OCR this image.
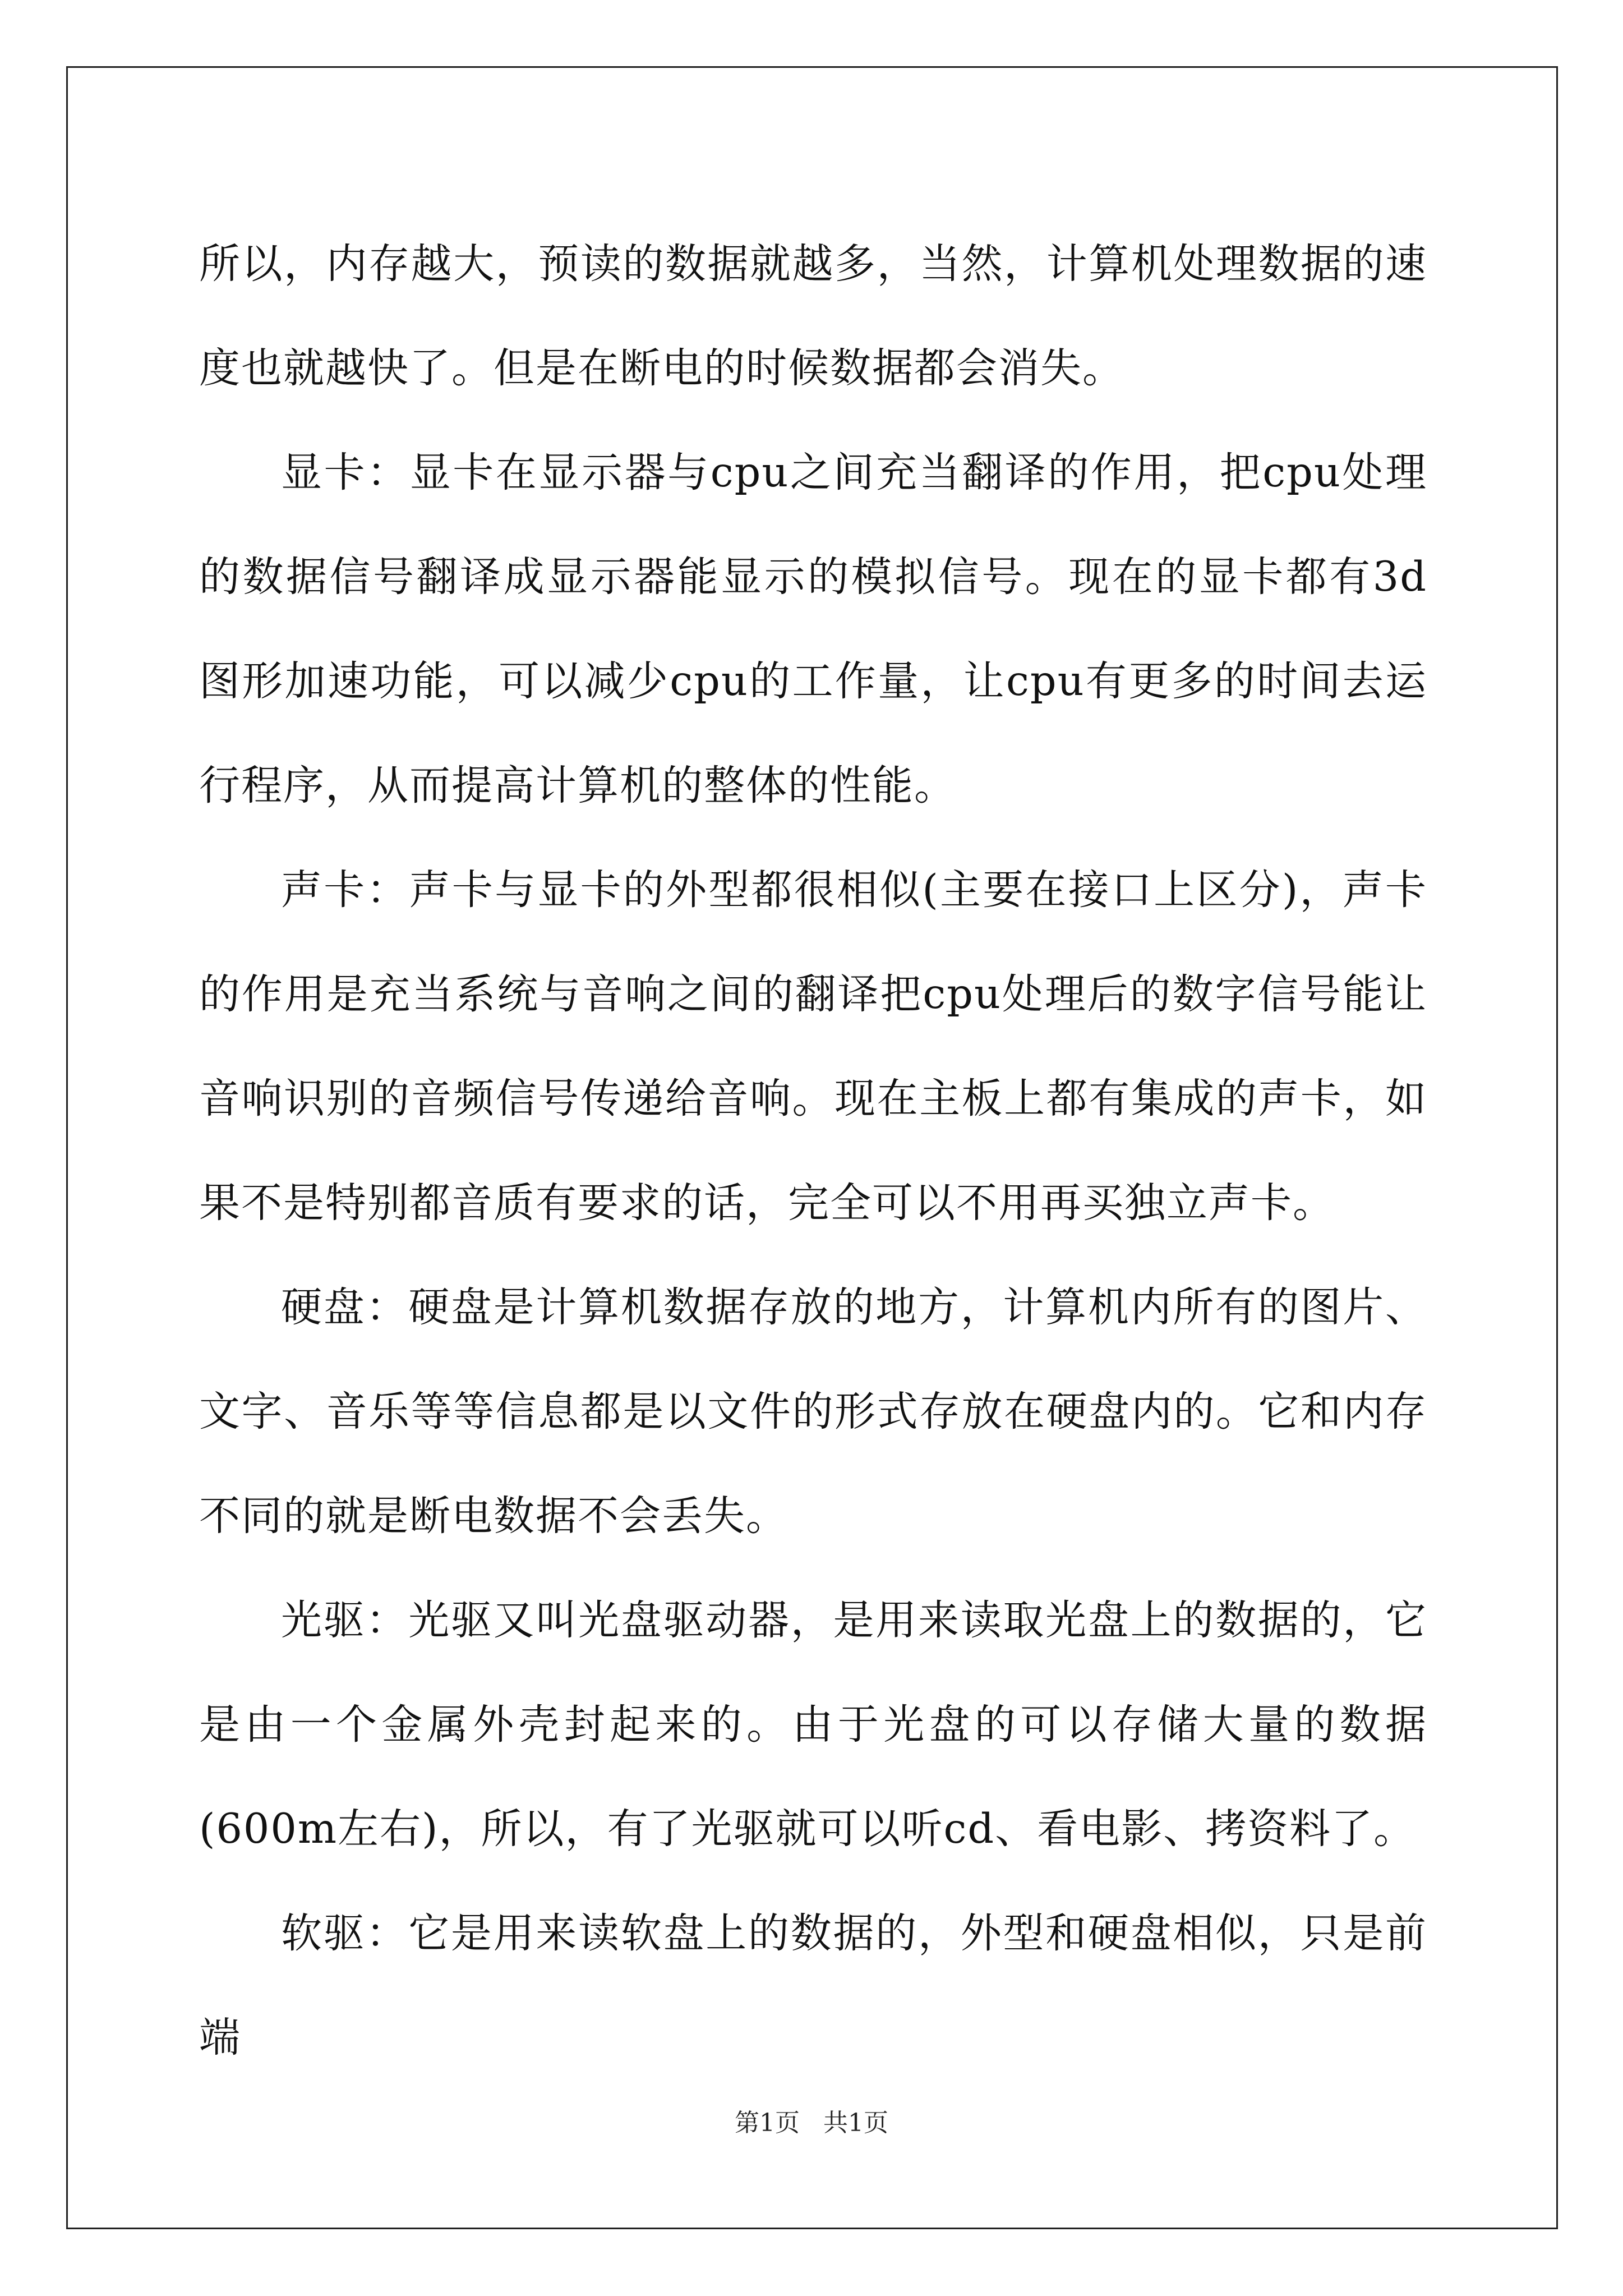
所以，内存越大，预读的数据就越多，当然，计算机处理数据的速度也就越快了。但是在断电的时候数据都会消失。

显卡：显卡在显示器与cpu之间充当翻译的作用，把cpu处理的数据信号翻译成显示器能显示的模拟信号。现在的显卡都有3d图形加速功能，可以减少cpu的工作量，让cpu有更多的时间去运行程序，从而提高计算机的整体的性能。

声卡：声卡与显卡的外型都很相似(主要在接口上区分)，声卡的作用是充当系统与音响之间的翻译把cpu处理后的数字信号能让音响识别的音频信号传递给音响。现在主板上都有集成的声卡，如果不是特别都音质有要求的话，完全可以不用再买独立声卡。

硬盘：硬盘是计算机数据存放的地方，计算机内所有的图片、文字、音乐等等信息都是以文件的形式存放在硬盘内的。它和内存不同的就是断电数据不会丢失。

光驱：光驱又叫光盘驱动器，是用来读取光盘上的数据的，它是由一个金属外壳封起来的。由于光盘的可以存储大量的数据(600m左右)，所以，有了光驱就可以听cd、看电影、拷资料了。

软驱：它是用来读软盘上的数据的，外型和硬盘相似，只是前端

第1页   共1页
